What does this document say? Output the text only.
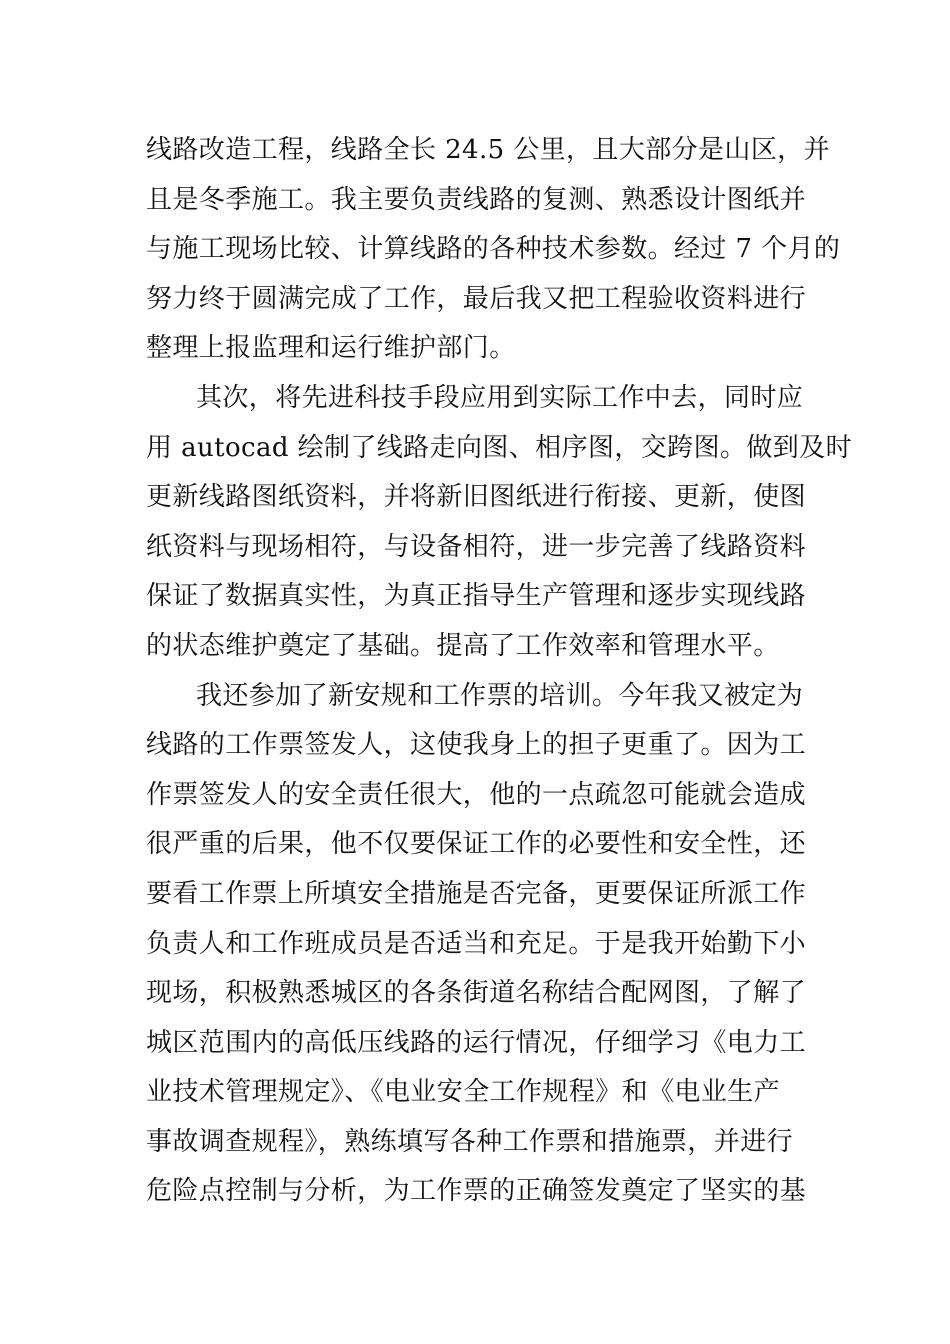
线路改造工程，线路全长 24.5 公里，且大部分是山区，并
且是冬季施工。我主要负责线路的复测、熟悉设计图纸并
与施工现场比较、计算线路的各种技术参数。经过 7 个月的
努力终于圆满完成了工作，最后我又把工程验收资料进行
整理上报监理和运行维护部门。
其次，将先进科技手段应用到实际工作中去，同时应
用 autocad 绘制了线路走向图、相序图，交跨图。做到及时
更新线路图纸资料，并将新旧图纸进行衔接、更新，使图
纸资料与现场相符，与设备相符，进一步完善了线路资料
保证了数据真实性，为真正指导生产管理和逐步实现线路
的状态维护奠定了基础。提高了工作效率和管理水平。
我还参加了新安规和工作票的培训。今年我又被定为
线路的工作票签发人，这使我身上的担子更重了。因为工
作票签发人的安全责任很大，他的一点疏忽可能就会造成
很严重的后果，他不仅要保证工作的必要性和安全性，还
要看工作票上所填安全措施是否完备，更要保证所派工作
负责人和工作班成员是否适当和充足。于是我开始勤下小
现场，积极熟悉城区的各条街道名称结合配网图，了解了
城区范围内的高低压线路的运行情况，仔细学习《电力工
业技术管理规定》、《电业安全工作规程》和《电业生产
事故调查规程》，熟练填写各种工作票和措施票，并进行
危险点控制与分析，为工作票的正确签发奠定了坚实的基
